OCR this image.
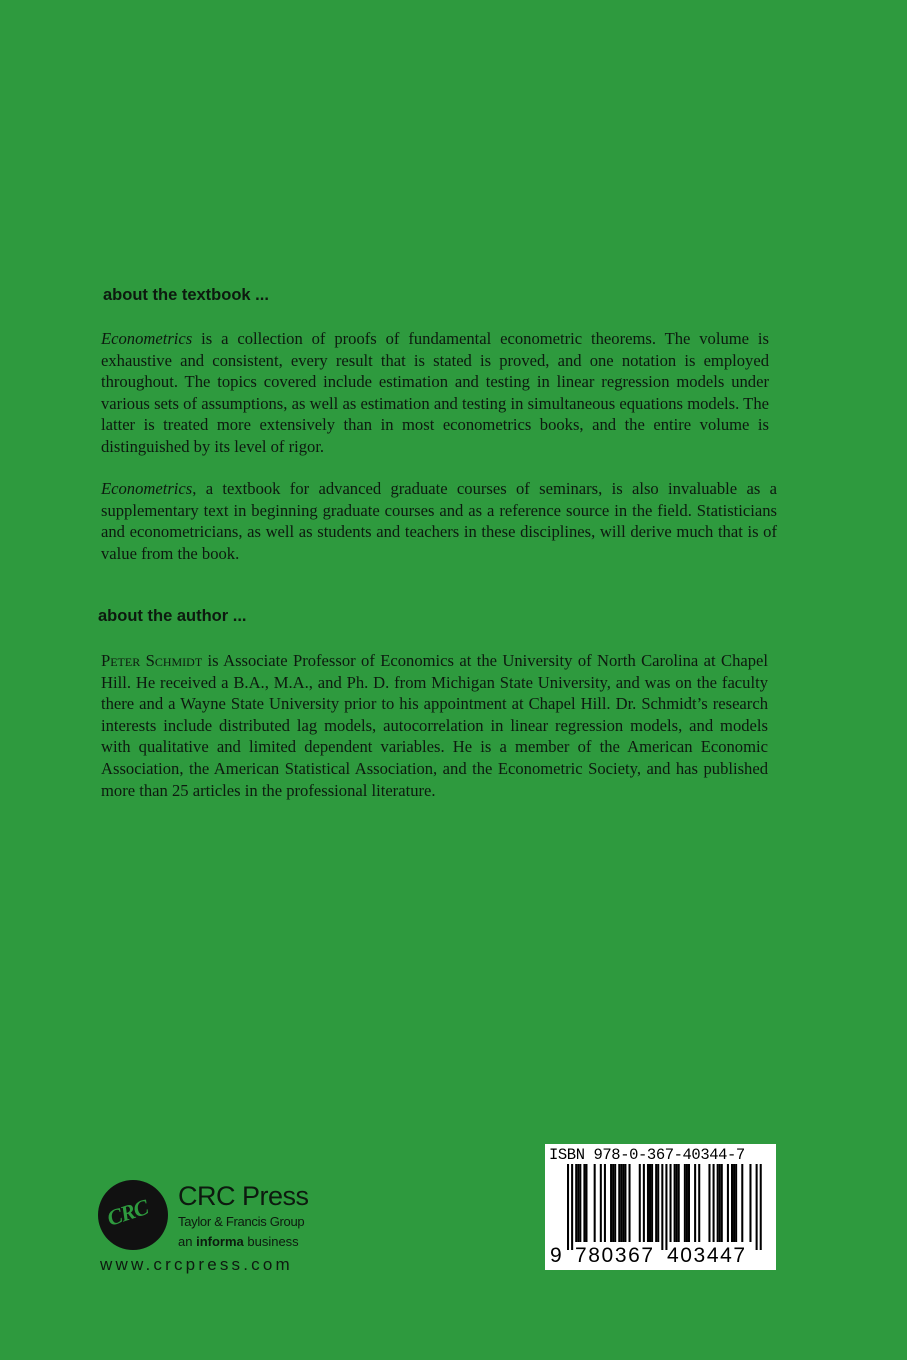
about the textbook ...

Econometrics is a collection of proofs of fundamental econometric theorems. The volume is exhaustive and consistent, every result that is stated is proved, and one notation is employed throughout. The topics covered include estimation and testing in linear regression models under various sets of assumptions, as well as estimation and testing in simultaneous equations models. The latter is treated more extensively than in most econometrics books, and the entire volume is distinguished by its level of rigor.

Econometrics, a textbook for advanced graduate courses of seminars, is also invaluable as a supplementary text in beginning graduate courses and as a reference source in the field. Statisticians and econometricians, as well as students and teachers in these disciplines, will derive much that is of value from the book.

about the author ...

Peter Schmidt is Associate Professor of Economics at the University of North Carolina at Chapel Hill. He received a B.A., M.A., and Ph. D. from Michigan State University, and was on the faculty there and a Wayne State University prior to his appointment at Chapel Hill. Dr. Schmidt’s research interests include distributed lag models, autocorrelation in linear regression models, and models with qualitative and limited dependent variables. He is a member of the American Economic Association, the American Statistical Association, and the Econometric Society, and has published more than 25 articles in the professional literature.

CRC CRC Press
Taylor & Francis Group
an informa business
www.crcpress.com
ISBN 978-0-367-40344-7
9 780367 403447
